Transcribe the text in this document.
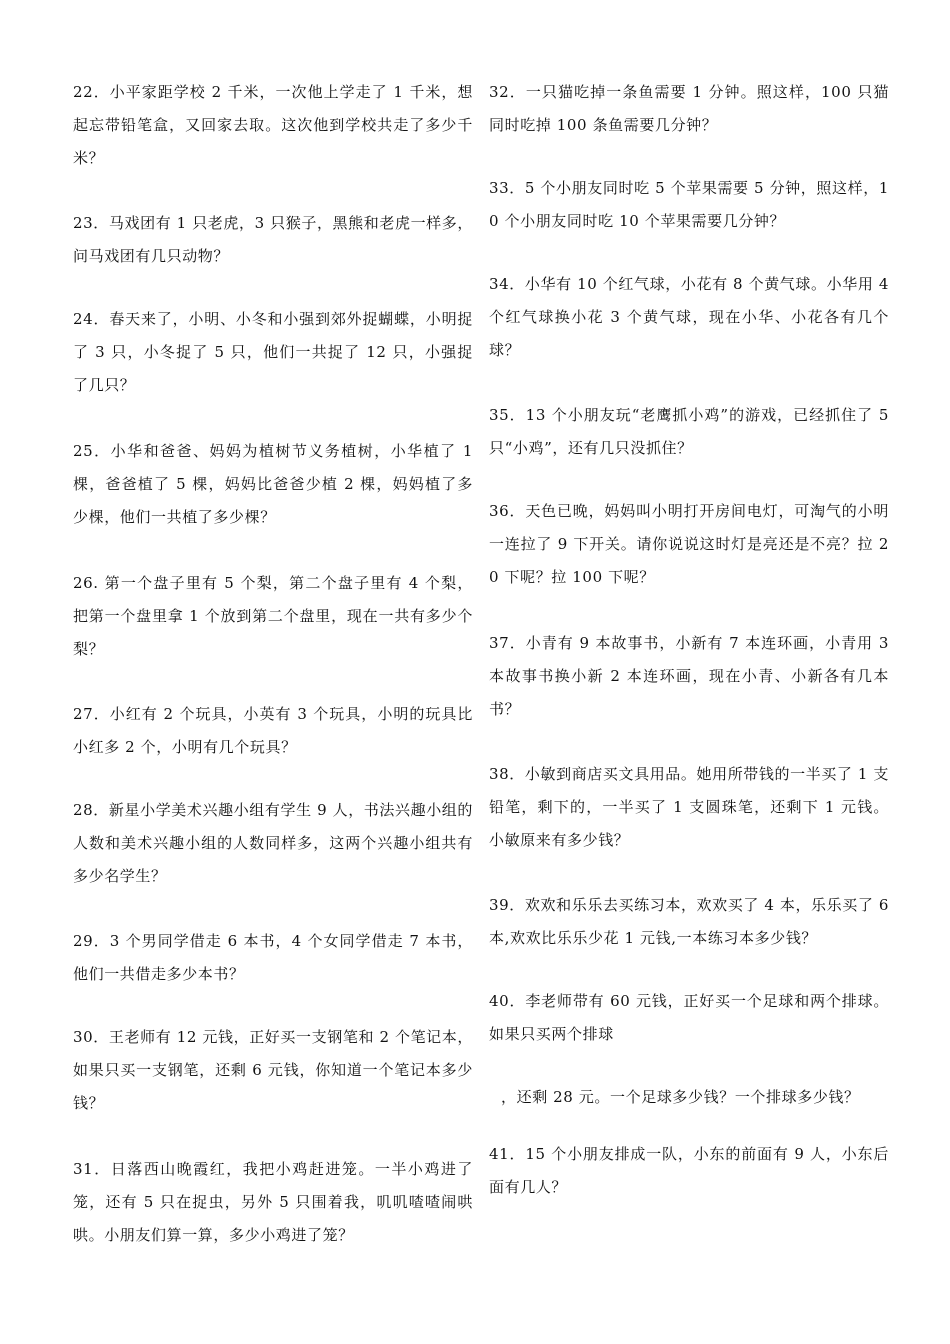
22．小平家距学校 2 千米，一次他上学走了 1 千米，想起忘带铅笔盒，又回家去取。这次他到学校共走了多少千米？

23．马戏团有 1 只老虎，3 只猴子，黑熊和老虎一样多，问马戏团有几只动物？

24．春天来了，小明、小冬和小强到郊外捉蝴蝶，小明捉了 3 只，小冬捉了 5 只，他们一共捉了 12 只，小强捉了几只？

25．小华和爸爸、妈妈为植树节义务植树，小华植了 1 棵，爸爸植了 5 棵，妈妈比爸爸少植 2 棵，妈妈植了多少棵，他们一共植了多少棵？

26. 第一个盘子里有 5 个梨，第二个盘子里有 4 个梨，把第一个盘里拿 1 个放到第二个盘里，现在一共有多少个梨？

27．小红有 2 个玩具，小英有 3 个玩具，小明的玩具比小红多 2 个，小明有几个玩具？

28．新星小学美术兴趣小组有学生 9 人，书法兴趣小组的人数和美术兴趣小组的人数同样多，这两个兴趣小组共有多少名学生？

29．3 个男同学借走 6 本书，4 个女同学借走 7 本书，他们一共借走多少本书？

30．王老师有 12 元钱，正好买一支钢笔和 2 个笔记本，如果只买一支钢笔，还剩 6 元钱，你知道一个笔记本多少钱？

31．日落西山晚霞红，我把小鸡赶进笼。一半小鸡进了笼，还有 5 只在捉虫，另外 5 只围着我，叽叽喳喳闹哄哄。小朋友们算一算，多少小鸡进了笼？

32．一只猫吃掉一条鱼需要 1 分钟。照这样，100 只猫同时吃掉 100 条鱼需要几分钟？

33．5 个小朋友同时吃 5 个苹果需要 5 分钟，照这样，10 个小朋友同时吃 10 个苹果需要几分钟？

34．小华有 10 个红气球，小花有 8 个黄气球。小华用 4 个红气球换小花 3 个黄气球，现在小华、小花各有几个球？

35．13 个小朋友玩“老鹰抓小鸡”的游戏，已经抓住了 5 只“小鸡”，还有几只没抓住？

36．天色已晚，妈妈叫小明打开房间电灯，可淘气的小明一连拉了 9 下开关。请你说说这时灯是亮还是不亮？拉 20 下呢？拉 100 下呢？

37．小青有 9 本故事书，小新有 7 本连环画，小青用 3 本故事书换小新 2 本连环画，现在小青、小新各有几本书？

38．小敏到商店买文具用品。她用所带钱的一半买了 1 支铅笔，剩下的，一半买了 1 支圆珠笔，还剩下 1 元钱。小敏原来有多少钱？

39．欢欢和乐乐去买练习本，欢欢买了 4 本，乐乐买了 6 本,欢欢比乐乐少花 1 元钱,一本练习本多少钱？

40．李老师带有 60 元钱，正好买一个足球和两个排球。如果只买两个排球

，还剩 28 元。一个足球多少钱？一个排球多少钱？

41．15 个小朋友排成一队，小东的前面有 9 人，小东后面有几人？
